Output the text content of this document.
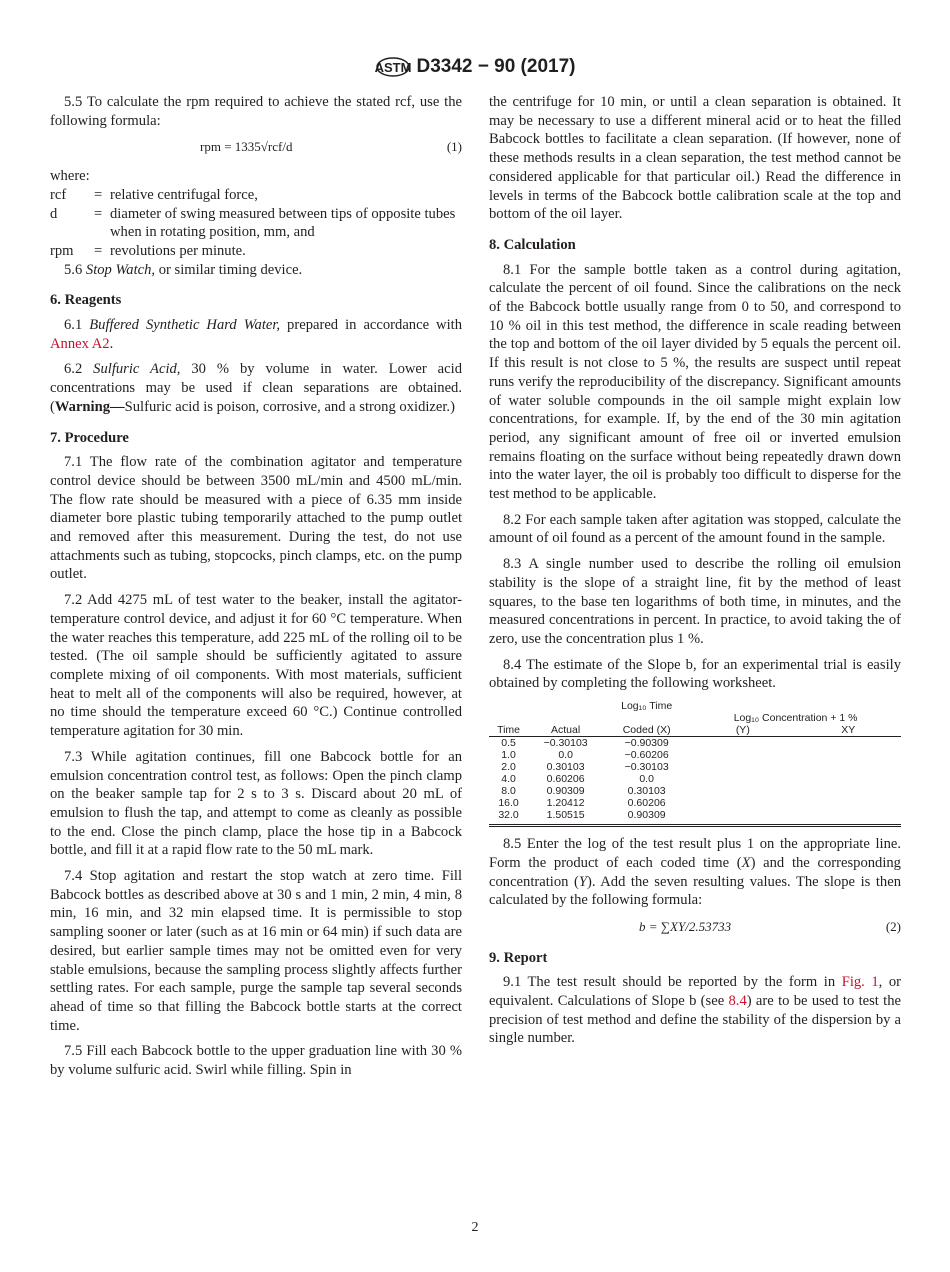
ASTM D3342 − 90 (2017)

5.5 To calculate the rpm required to achieve the stated rcf, use the following formula:

rpm = 1335√rcf/d	(1)

where:

rcf	= relative centrifugal force,
d	= diameter of swing measured between tips of opposite tubes when in rotating position, mm, and
rpm	= revolutions per minute.

5.6 Stop Watch, or similar timing device.

6. Reagents

6.1 Buffered Synthetic Hard Water, prepared in accordance with Annex A2.

6.2 Sulfuric Acid, 30 % by volume in water. Lower acid concentrations may be used if clean separations are obtained. (Warning—Sulfuric acid is poison, corrosive, and a strong oxidizer.)

7. Procedure

7.1 The flow rate of the combination agitator and temperature control device should be between 3500 mL/min and 4500 mL/min. The flow rate should be measured with a piece of 6.35 mm inside diameter bore plastic tubing temporarily attached to the pump outlet and removed after this measurement. During the test, do not use attachments such as tubing, stopcocks, pinch clamps, etc. on the pump outlet.

7.2 Add 4275 mL of test water to the beaker, install the agitator-temperature control device, and adjust it for 60 °C temperature. When the water reaches this temperature, add 225 mL of the rolling oil to be tested. (The oil sample should be sufficiently agitated to assure complete mixing of oil components. With most materials, sufficient heat to melt all of the components will also be required, however, at no time should the temperature exceed 60 °C.) Continue controlled temperature agitation for 30 min.

7.3 While agitation continues, fill one Babcock bottle for an emulsion concentration control test, as follows: Open the pinch clamp on the beaker sample tap for 2 s to 3 s. Discard about 20 mL of emulsion to flush the tap, and attempt to come as cleanly as possible to the end. Close the pinch clamp, place the hose tip in a Babcock bottle, and fill it at a rapid flow rate to the 50 mL mark.

7.4 Stop agitation and restart the stop watch at zero time. Fill Babcock bottles as described above at 30 s and 1 min, 2 min, 4 min, 8 min, 16 min, and 32 min elapsed time. It is permissible to stop sampling sooner or later (such as at 16 min or 64 min) if such data are desired, but earlier sample times may not be omitted even for very stable emulsions, because the sampling process slightly affects further settling rates. For each sample, purge the sample tap several seconds ahead of time so that filling the Babcock bottle starts at the correct time.

7.5 Fill each Babcock bottle to the upper graduation line with 30 % by volume sulfuric acid. Swirl while filling. Spin in

the centrifuge for 10 min, or until a clean separation is obtained. It may be necessary to use a different mineral acid or to heat the filled Babcock bottles to facilitate a clean separation. (If however, none of these methods results in a clean separation, the test method cannot be considered applicable for that particular oil.) Read the difference in levels in terms of the Babcock bottle calibration scale at the top and bottom of the oil layer.

8. Calculation

8.1 For the sample bottle taken as a control during agitation, calculate the percent of oil found. Since the calibrations on the neck of the Babcock bottle usually range from 0 to 50, and correspond to 10 % oil in this test method, the difference in scale reading between the top and bottom of the oil layer divided by 5 equals the percent oil. If this result is not close to 5 %, the results are suspect until repeat runs verify the reproducibility of the discrepancy. Significant amounts of water soluble compounds in the oil sample might explain low concentrations, for example. If, by the end of the 30 min agitation period, any significant amount of free oil or inverted emulsion remains floating on the surface without being repeatedly drawn down into the water layer, the oil is probably too difficult to disperse for the test method to be applicable.

8.2 For each sample taken after agitation was stopped, calculate the amount of oil found as a percent of the amount found in the sample.

8.3 A single number used to describe the rolling oil emulsion stability is the slope of a straight line, fit by the method of least squares, to the base ten logarithms of both time, in minutes, and the measured concentrations in percent. In practice, to avoid taking the of zero, use the concentration plus 1 %.

8.4 The estimate of the Slope b, for an experimental trial is easily obtained by completing the following worksheet.

		Log₁₀ Time		
			Log₁₀ Concentration + 1 %	
Time	Actual	Coded (X)	(Y)	XY
0.5	−0.30103	−0.90309		
1.0	0.0	−0.60206		
2.0	0.30103	−0.30103		
4.0	0.60206	0.0		
8.0	0.90309	0.30103		
16.0	1.20412	0.60206		
32.0	1.50515	0.90309		

8.5 Enter the log of the test result plus 1 on the appropriate line. Form the product of each coded time (X) and the corresponding concentration (Y). Add the seven resulting values. The slope is then calculated by the following formula:

b = ∑XY/2.53733	(2)
9. Report

9.1 The test result should be reported by the form in Fig. 1, or equivalent. Calculations of Slope b (see 8.4) are to be used to test the precision of test method and define the stability of the dispersion by a single number.

2
